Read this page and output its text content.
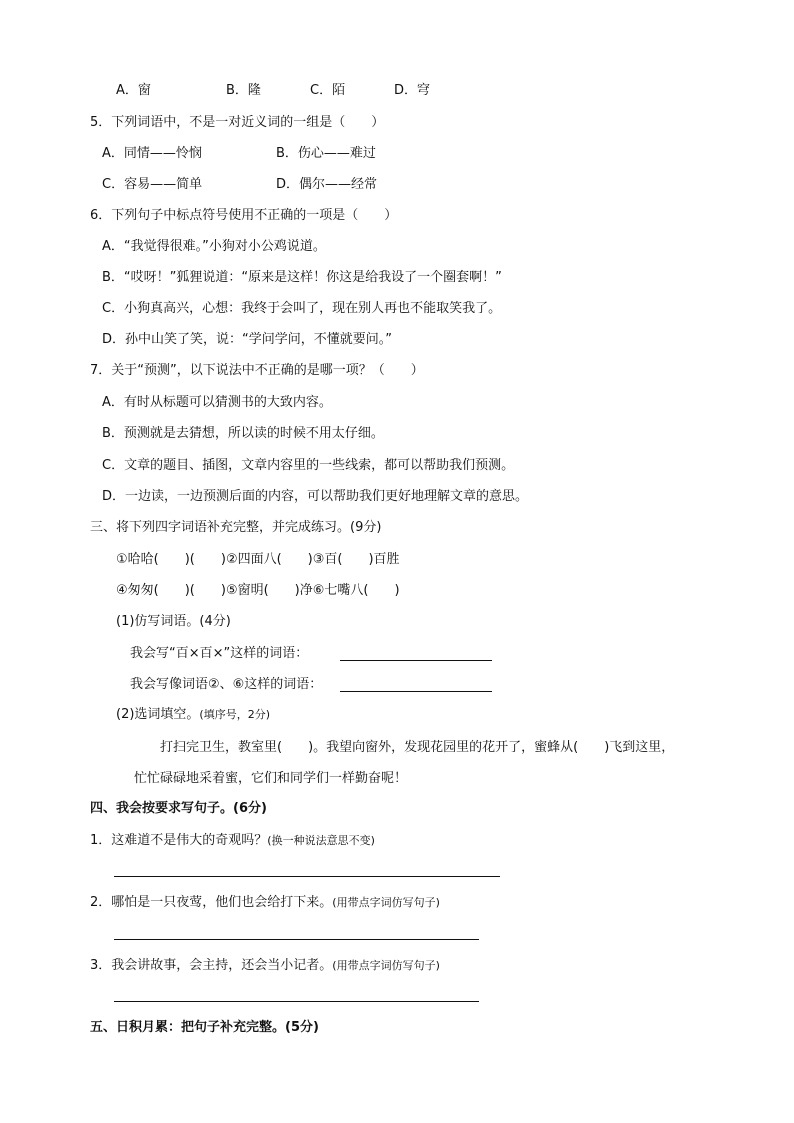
A．窗	B．隆	C．陌	D．穹
5．下列词语中，不是一对近义词的一组是（　　）
A．同情——怜悯	B．伤心——难过
C．容易——简单	D．偶尔——经常
6．下列句子中标点符号使用不正确的一项是（　　）
A．“我觉得很难。”小狗对小公鸡说道。
B．“哎呀！”狐狸说道：“原来是这样！你这是给我设了一个圈套啊！”
C．小狗真高兴，心想：我终于会叫了，现在别人再也不能取笑我了。
D．孙中山笑了笑，说：“学问学问，不懂就要问。”
7．关于“预测”，以下说法中不正确的是哪一项？（　　）
A．有时从标题可以猜测书的大致内容。
B．预测就是去猜想，所以读的时候不用太仔细。
C．文章的题目、插图，文章内容里的一些线索，都可以帮助我们预测。
D．一边读，一边预测后面的内容，可以帮助我们更好地理解文章的意思。
三、将下列四字词语补充完整，并完成练习。(9分)
①哈哈(　　)(　　)②四面八(　　)③百(　　)百胜
④匆匆(　　)(　　)⑤窗明(　　)净⑥七嘴八(　　)
(1)仿写词语。(4分)
我会写“百×百×”这样的词语：
我会写像词语②、⑥这样的词语：
(2)选词填空。(填序号，2分)
打扫完卫生，教室里(　　)。我望向窗外，发现花园里的花开了，蜜蜂从(　　)飞到这里，
忙忙碌碌地采着蜜，它们和同学们一样勤奋呢！
四、我会按要求写句子。(6分)
1．这难道不是伟大的奇观吗？(换一种说法意思不变)
2．哪怕是一只夜莺，他们也会给打下来。(用带点字词仿写句子)
3．我会讲故事，会主持，还会当小记者。(用带点字词仿写句子)
五、日积月累：把句子补充完整。(5分)
